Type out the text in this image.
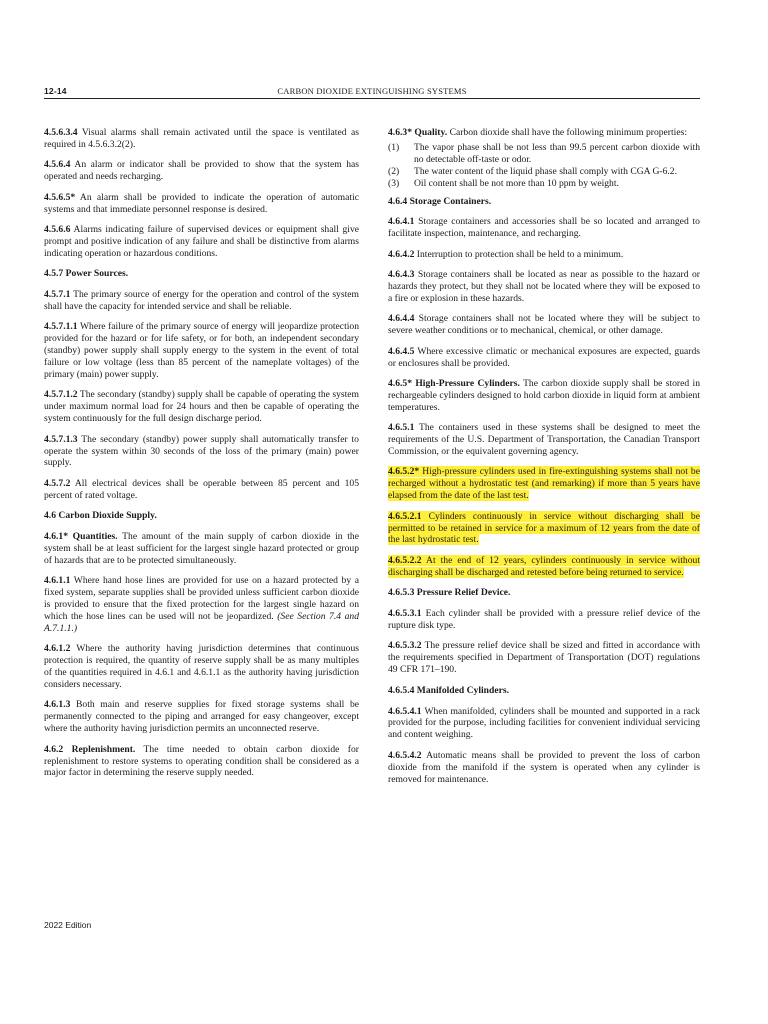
12-14	CARBON DIOXIDE EXTINGUISHING SYSTEMS

4.5.6.3.4 Visual alarms shall remain activated until the space is ventilated as required in 4.5.6.3.2(2).

4.5.6.4 An alarm or indicator shall be provided to show that the system has operated and needs recharging.

4.5.6.5* An alarm shall be provided to indicate the operation of automatic systems and that immediate personnel response is desired.

4.5.6.6 Alarms indicating failure of supervised devices or equipment shall give prompt and positive indication of any failure and shall be distinctive from alarms indicating operation or hazardous conditions.

4.5.7 Power Sources.

4.5.7.1 The primary source of energy for the operation and control of the system shall have the capacity for intended service and shall be reliable.

4.5.7.1.1 Where failure of the primary source of energy will jeopardize protection provided for the hazard or for life safety, or for both, an independent secondary (standby) power supply shall supply energy to the system in the event of total failure or low voltage (less than 85 percent of the nameplate voltages) of the primary (main) power supply.

4.5.7.1.2 The secondary (standby) supply shall be capable of operating the system under maximum normal load for 24 hours and then be capable of operating the system continuously for the full design discharge period.

4.5.7.1.3 The secondary (standby) power supply shall automatically transfer to operate the system within 30 seconds of the loss of the primary (main) power supply.

4.5.7.2 All electrical devices shall be operable between 85 percent and 105 percent of rated voltage.

4.6 Carbon Dioxide Supply.

4.6.1* Quantities. The amount of the main supply of carbon dioxide in the system shall be at least sufficient for the largest single hazard protected or group of hazards that are to be protected simultaneously.

4.6.1.1 Where hand hose lines are provided for use on a hazard protected by a fixed system, separate supplies shall be provided unless sufficient carbon dioxide is provided to ensure that the fixed protection for the largest single hazard on which the hose lines can be used will not be jeopardized. (See Section 7.4 and A.7.1.1.)

4.6.1.2 Where the authority having jurisdiction determines that continuous protection is required, the quantity of reserve supply shall be as many multiples of the quantities required in 4.6.1 and 4.6.1.1 as the authority having jurisdiction considers necessary.

4.6.1.3 Both main and reserve supplies for fixed storage systems shall be permanently connected to the piping and arranged for easy changeover, except where the authority having jurisdiction permits an unconnected reserve.

4.6.2 Replenishment. The time needed to obtain carbon dioxide for replenishment to restore systems to operating condition shall be considered as a major factor in determining the reserve supply needed.

4.6.3* Quality. Carbon dioxide shall have the following minimum properties:

(1)	The vapor phase shall be not less than 99.5 percent carbon dioxide with no detectable off-taste or odor.
(2)	The water content of the liquid phase shall comply with CGA G-6.2.
(3)	Oil content shall be not more than 10 ppm by weight.

4.6.4 Storage Containers.

4.6.4.1 Storage containers and accessories shall be so located and arranged to facilitate inspection, maintenance, and recharging.

4.6.4.2 Interruption to protection shall be held to a minimum.

4.6.4.3 Storage containers shall be located as near as possible to the hazard or hazards they protect, but they shall not be located where they will be exposed to a fire or explosion in these hazards.

4.6.4.4 Storage containers shall not be located where they will be subject to severe weather conditions or to mechanical, chemical, or other damage.

4.6.4.5 Where excessive climatic or mechanical exposures are expected, guards or enclosures shall be provided.

4.6.5* High-Pressure Cylinders. The carbon dioxide supply shall be stored in rechargeable cylinders designed to hold carbon dioxide in liquid form at ambient temperatures.

4.6.5.1 The containers used in these systems shall be designed to meet the requirements of the U.S. Department of Transportation, the Canadian Transport Commission, or the equivalent governing agency.

4.6.5.2* High-pressure cylinders used in fire-extinguishing systems shall not be recharged without a hydrostatic test (and remarking) if more than 5 years have elapsed from the date of the last test.

4.6.5.2.1 Cylinders continuously in service without discharging shall be permitted to be retained in service for a maximum of 12 years from the date of the last hydrostatic test.

4.6.5.2.2 At the end of 12 years, cylinders continuously in service without discharging shall be discharged and retested before being returned to service.

4.6.5.3 Pressure Relief Device.

4.6.5.3.1 Each cylinder shall be provided with a pressure relief device of the rupture disk type.

4.6.5.3.2 The pressure relief device shall be sized and fitted in accordance with the requirements specified in Department of Transportation (DOT) regulations 49 CFR 171–190.

4.6.5.4 Manifolded Cylinders.

4.6.5.4.1 When manifolded, cylinders shall be mounted and supported in a rack provided for the purpose, including facilities for convenient individual servicing and content weighing.

4.6.5.4.2 Automatic means shall be provided to prevent the loss of carbon dioxide from the manifold if the system is operated when any cylinder is removed for maintenance.

2022 Edition
